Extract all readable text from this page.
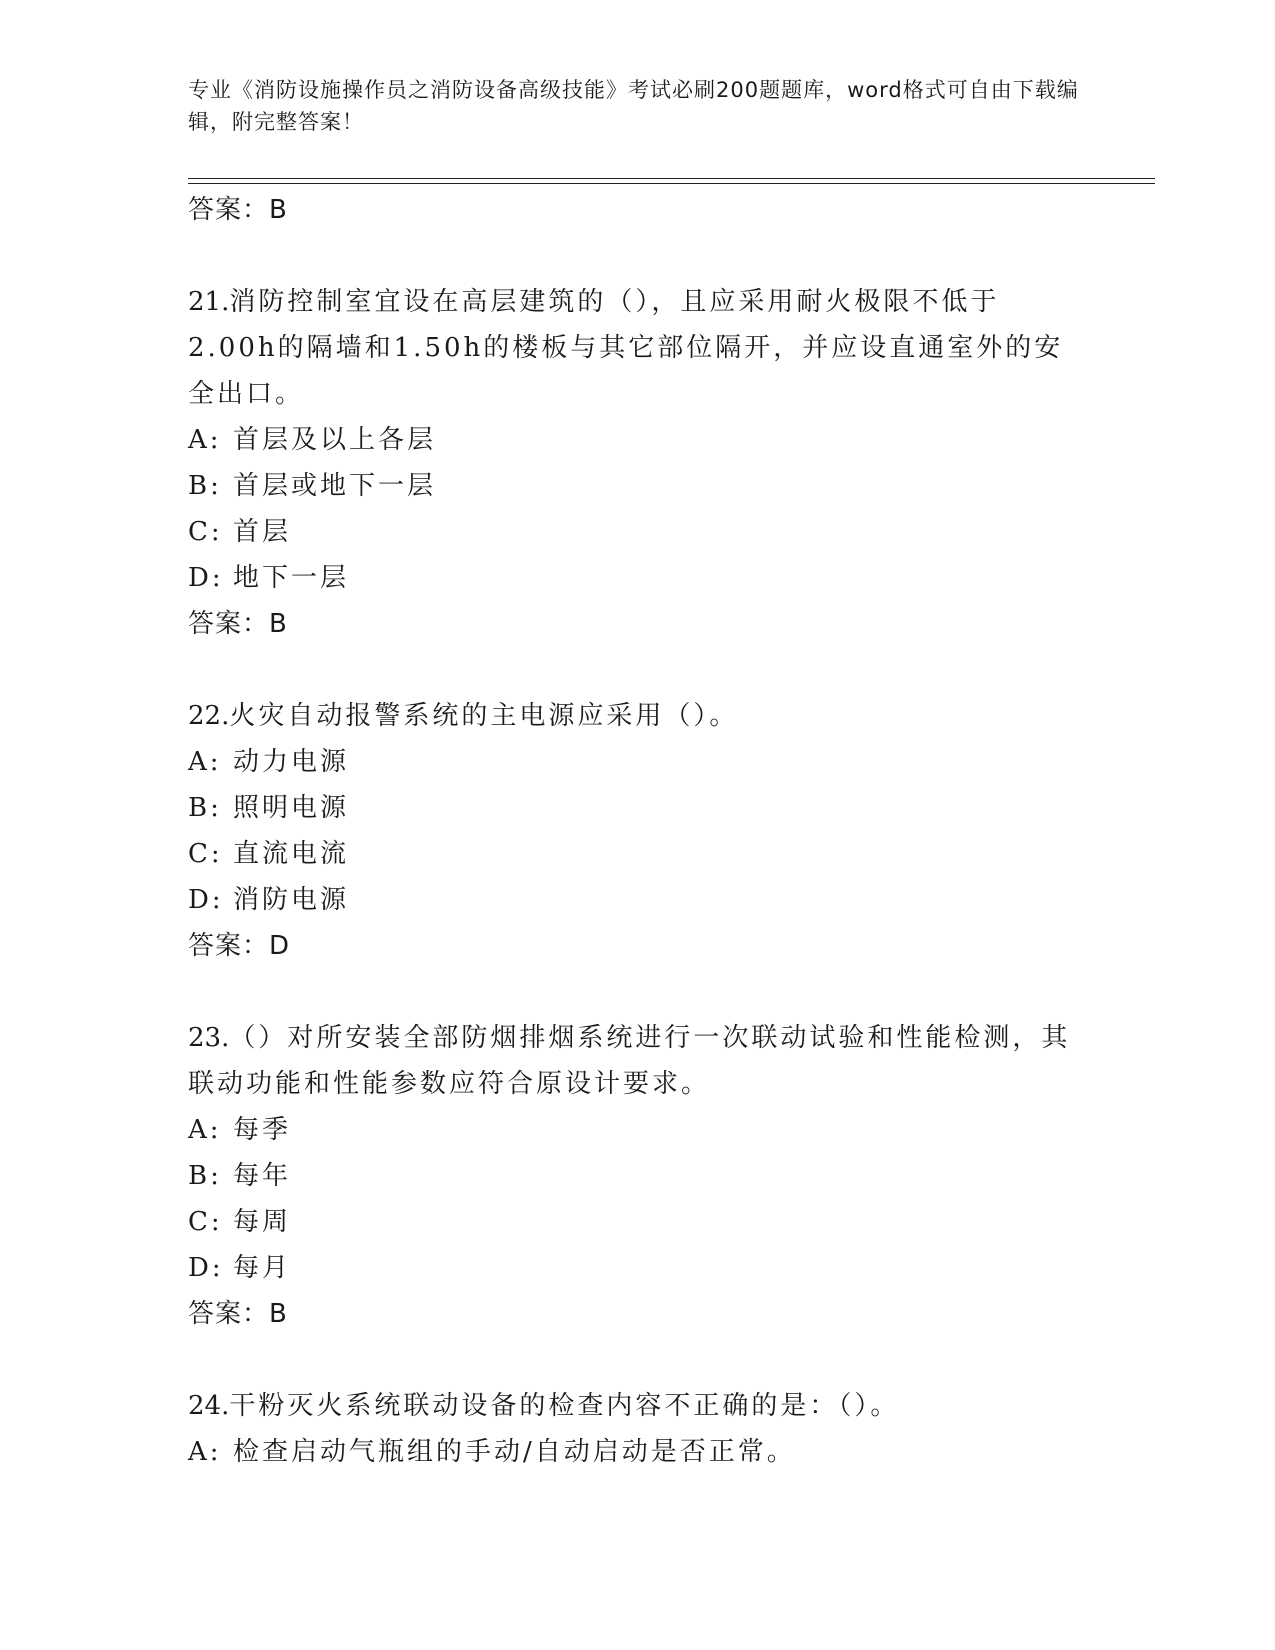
专业《消防设施操作员之消防设备高级技能》考试必刷200题题库，word格式可自由下载编辑，附完整答案！
答案：B
21.消防控制室宜设在高层建筑的（），且应采用耐火极限不低于2.00h的隔墙和1.50h的楼板与其它部位隔开，并应设直通室外的安全出口。
A: 首层及以上各层
B: 首层或地下一层
C: 首层
D: 地下一层
答案：B
22.火灾自动报警系统的主电源应采用（）。
A: 动力电源
B: 照明电源
C: 直流电流
D: 消防电源
答案：D
23.（）对所安装全部防烟排烟系统进行一次联动试验和性能检测，其联动功能和性能参数应符合原设计要求。
A: 每季
B: 每年
C: 每周
D: 每月
答案：B
24.干粉灭火系统联动设备的检查内容不正确的是：（）。
A: 检查启动气瓶组的手动/自动启动是否正常。
